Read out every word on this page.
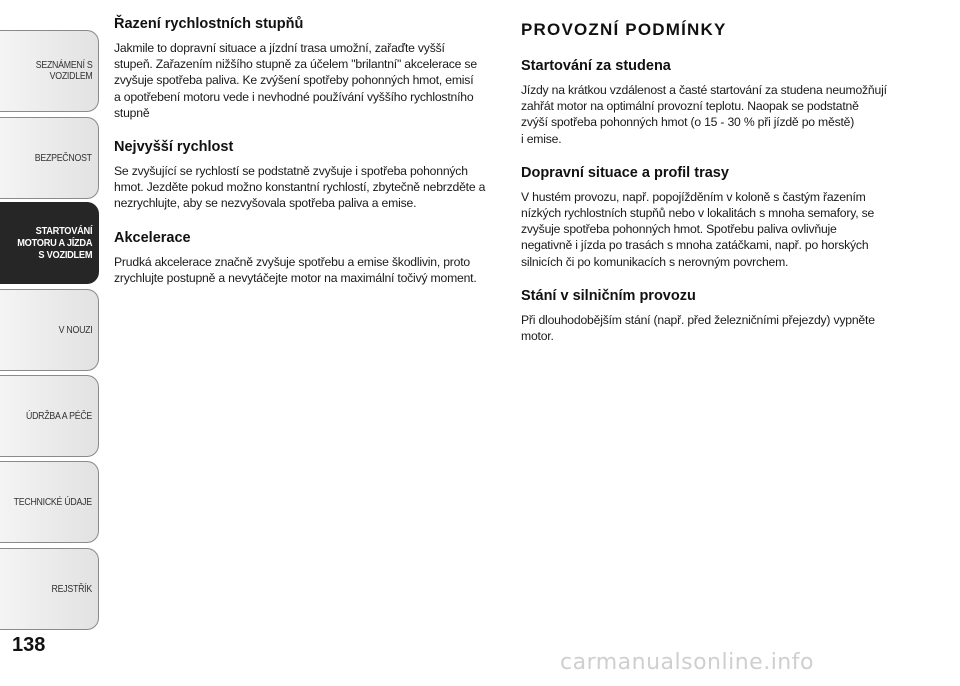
SEZNÁMENÍ S
VOZIDLEM
BEZPEČNOST
STARTOVÁNÍ
MOTORU A JÍZDA
S VOZIDLEM
V NOUZI
ÚDRŽBA A PÉČE
TECHNICKÉ ÚDAJE
REJSTŘÍK
138
Řazení rychlostních stupňů
Jakmile to dopravní situace a jízdní trasa umožní, zařaďte vyšší
stupeň. Zařazením nižšího stupně za účelem "brilantní" akcelerace se
zvyšuje spotřeba paliva. Ke zvýšení spotřeby pohonných hmot, emisí
a opotřebení motoru vede i nevhodné používání vyššího rychlostního
stupně
Nejvyšší rychlost
Se zvyšující se rychlostí se podstatně zvyšuje i spotřeba pohonných
hmot. Jezděte pokud možno konstantní rychlostí, zbytečně nebrzděte a
nezrychlujte, aby se nezvyšovala spotřeba paliva a emise.
Akcelerace
Prudká akcelerace značně zvyšuje spotřebu a emise škodlivin, proto
zrychlujte postupně a nevytáčejte motor na maximální točivý moment.
PROVOZNÍ PODMÍNKY
Startování za studena
Jízdy na krátkou vzdálenost a časté startování za studena neumožňují
zahřát motor na optimální provozní teplotu. Naopak se podstatně
zvýší spotřeba pohonných hmot (o 15 - 30 % při jízdě po městě)
i emise.
Dopravní situace a profil trasy
V hustém provozu, např. popojížděním v koloně s častým řazením
nízkých rychlostních stupňů nebo v lokalitách s mnoha semafory, se
zvyšuje spotřeba pohonných hmot. Spotřebu paliva ovlivňuje
negativně i jízda po trasách s mnoha zatáčkami, např. po horských
silnicích či po komunikacích s nerovným povrchem.
Stání v silničním provozu
Při dlouhodobějším stání (např. před železničními přejezdy) vypněte
motor.
carmanualsonline.info
